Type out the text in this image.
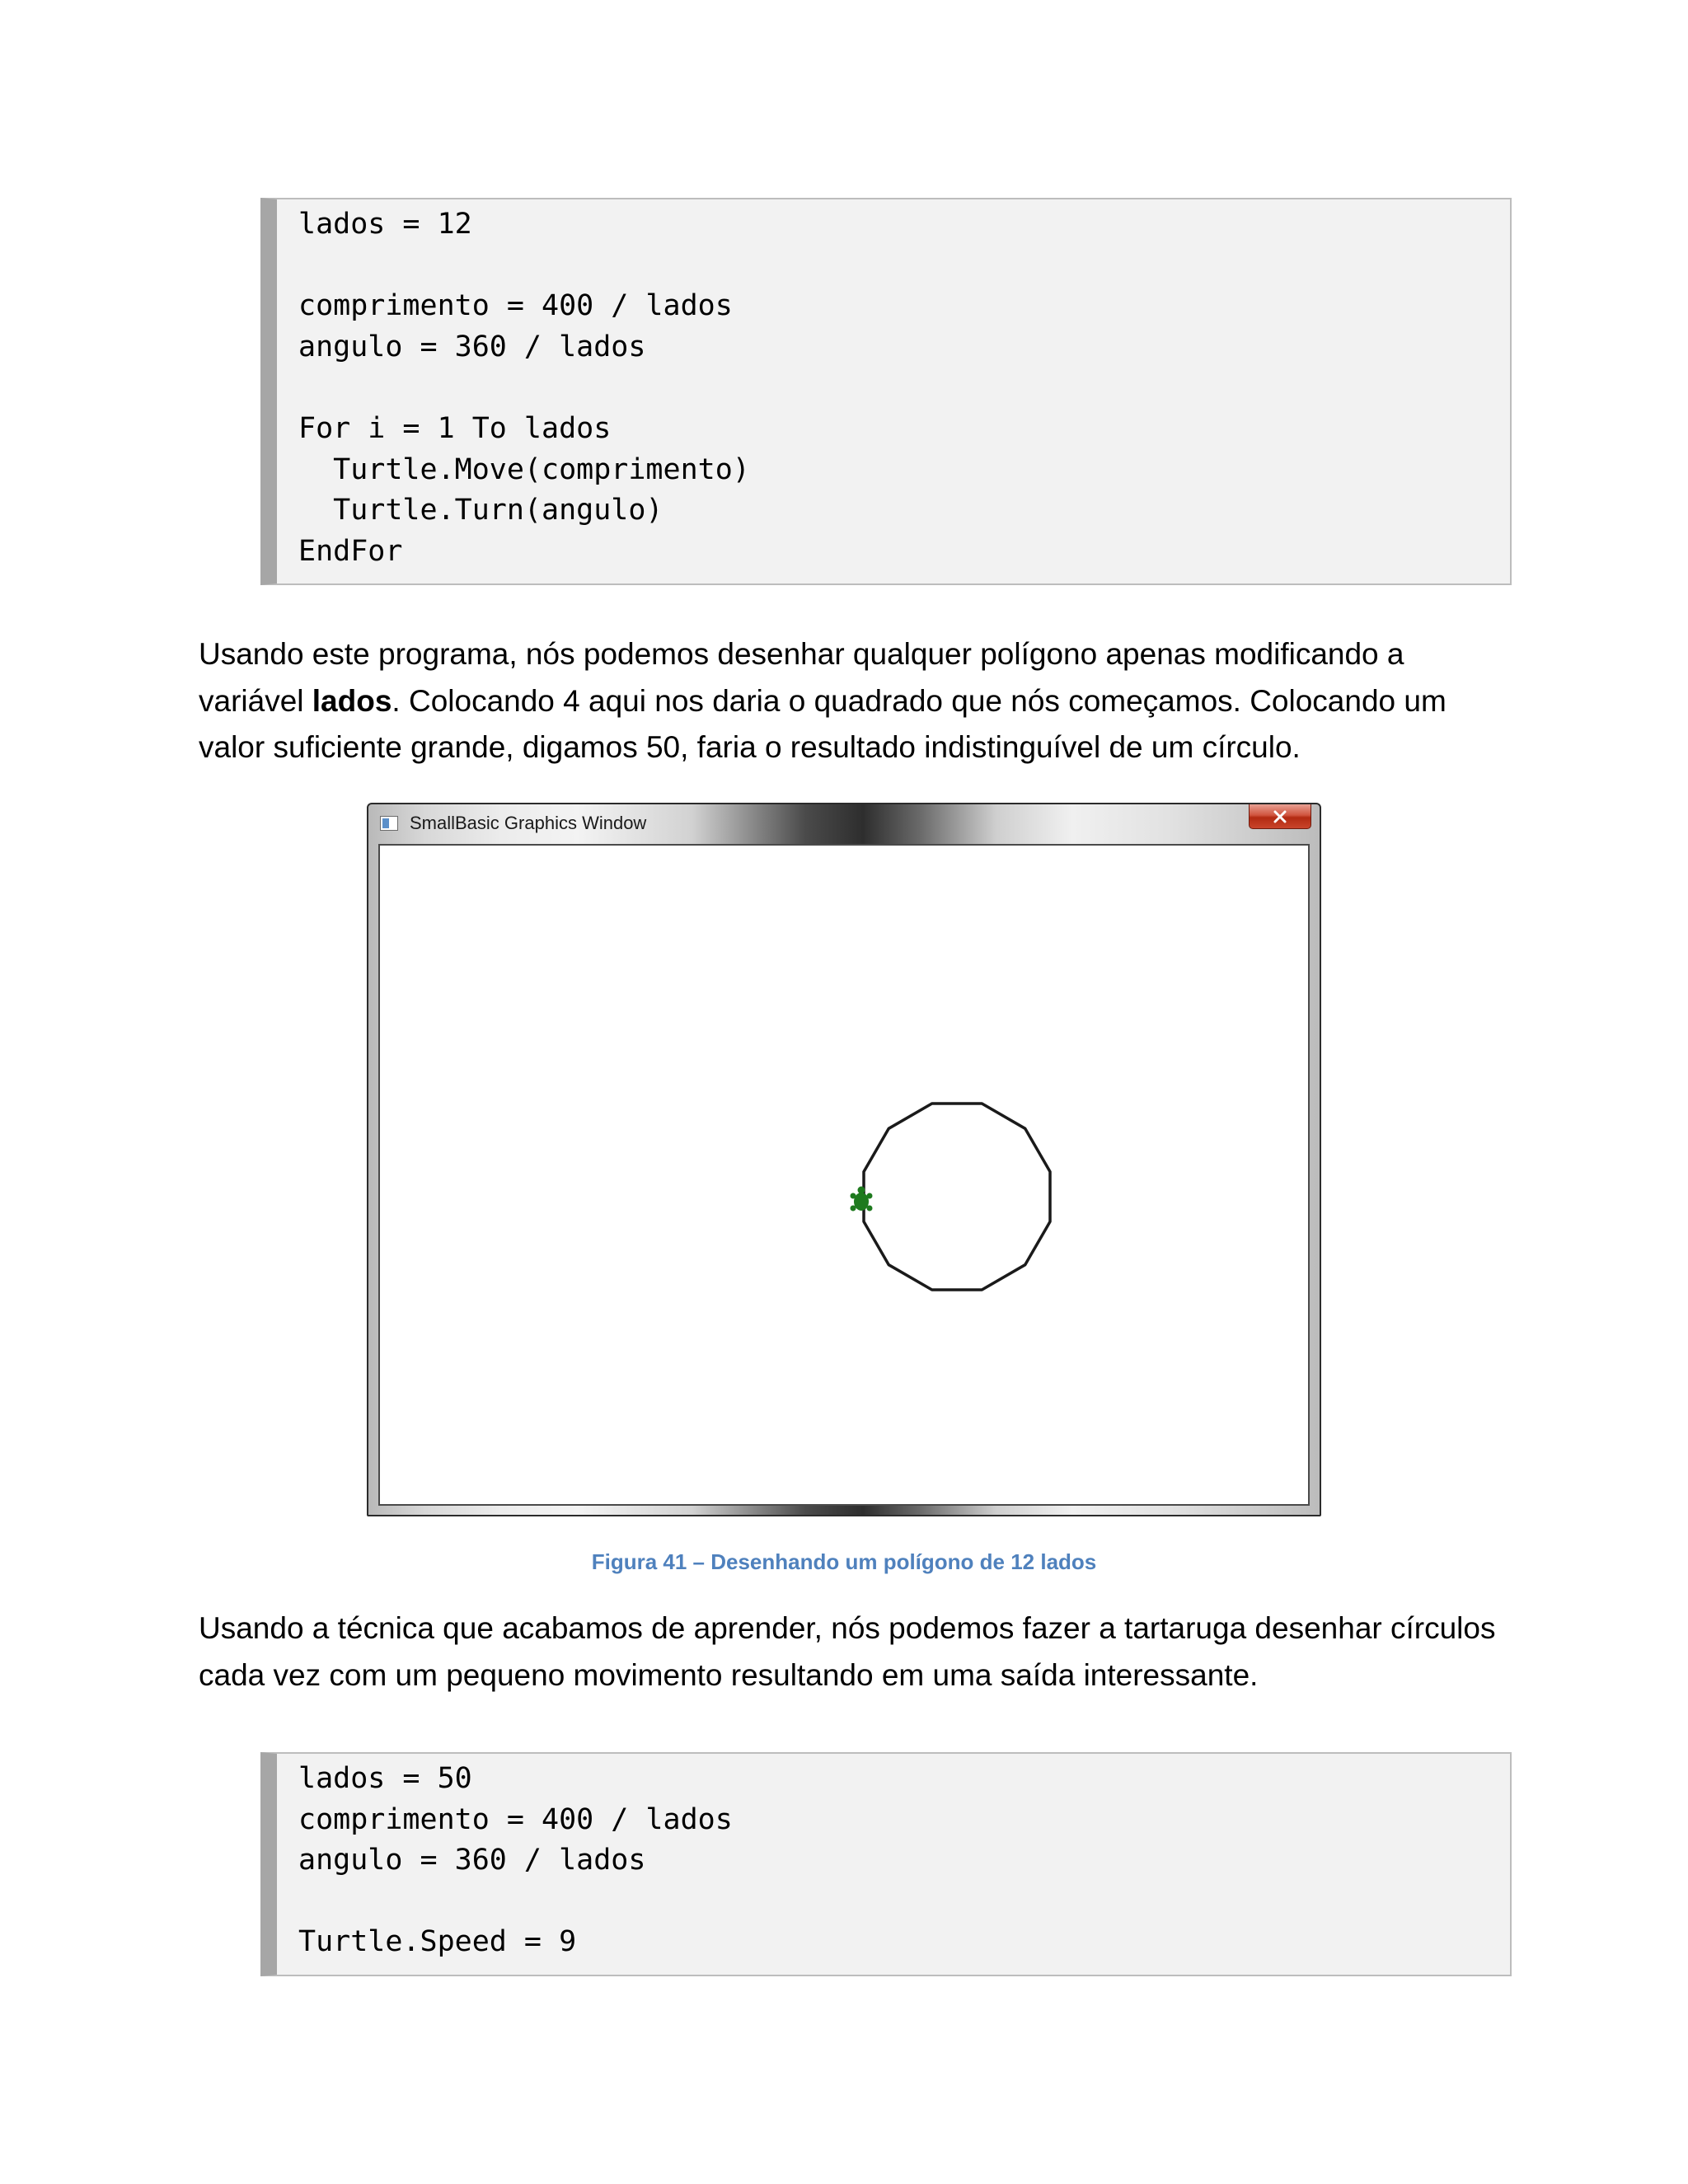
lados = 12
comprimento = 400 / lados
angulo = 360 / lados
For i = 1 To lados
Turtle.Move(comprimento)
Turtle.Turn(angulo)
EndFor
Usando este programa, nós podemos desenhar qualquer polígono apenas modificando a
variável lados. Colocando 4 aqui nos daria o quadrado que nós começamos. Colocando um
valor suficiente grande, digamos 50, faria o resultado indistinguível de um círculo.
SmallBasic Graphics Window
Figura 41 – Desenhando um polígono de 12 lados
Usando a técnica que acabamos de aprender, nós podemos fazer a tartaruga desenhar círculos
cada vez com um pequeno movimento resultando em uma saída interessante.
lados = 50
comprimento = 400 / lados
angulo = 360 / lados
Turtle.Speed = 9
